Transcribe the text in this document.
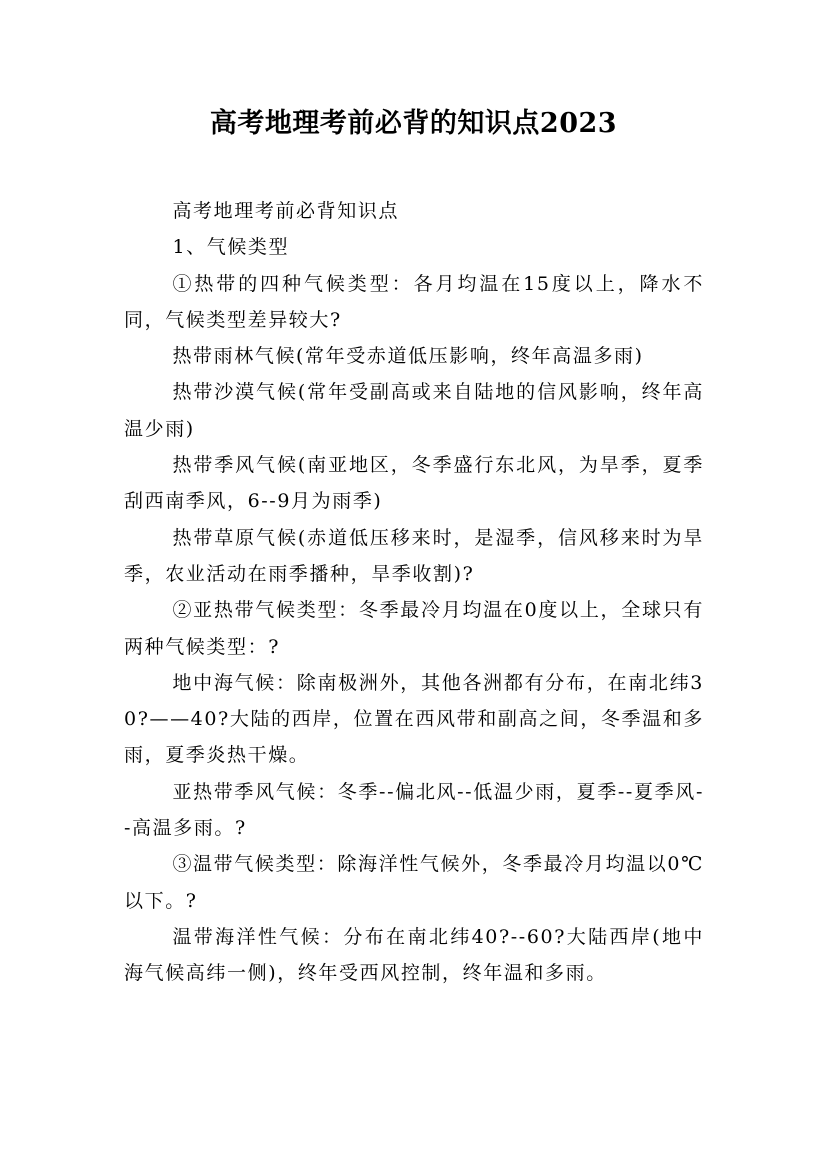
高考地理考前必背的知识点2023

高考地理考前必背知识点

1、气候类型

①热带的四种气候类型：各月均温在15度以上，降水不同，气候类型差异较大?

热带雨林气候(常年受赤道低压影响，终年高温多雨)

热带沙漠气候(常年受副高或来自陆地的信风影响，终年高温少雨)

热带季风气候(南亚地区，冬季盛行东北风，为旱季，夏季刮西南季风，6--9月为雨季)

热带草原气候(赤道低压移来时，是湿季，信风移来时为旱季，农业活动在雨季播种，旱季收割)?

②亚热带气候类型：冬季最冷月均温在0度以上，全球只有两种气候类型：?

地中海气候：除南极洲外，其他各洲都有分布，在南北纬30?——40?大陆的西岸，位置在西风带和副高之间，冬季温和多雨，夏季炎热干燥。

亚热带季风气候：冬季--偏北风--低温少雨，夏季--夏季风--高温多雨。?

③温带气候类型：除海洋性气候外，冬季最冷月均温以0℃以下。?

温带海洋性气候：分布在南北纬40?--60?大陆西岸(地中海气候高纬一侧)，终年受西风控制，终年温和多雨。
